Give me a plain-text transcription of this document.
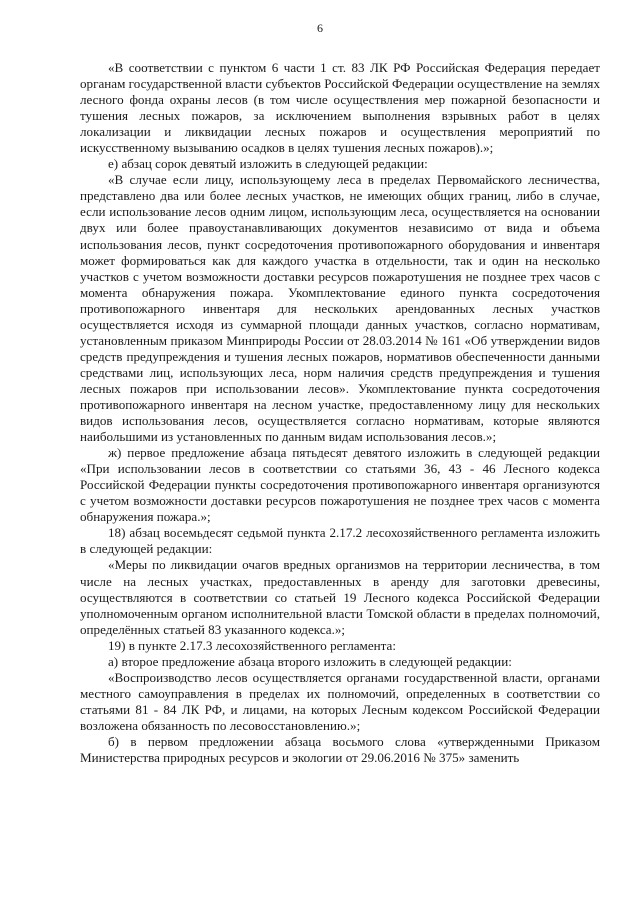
6

«В соответствии с пунктом 6 части 1 ст. 83 ЛК РФ Российская Федерация передает органам государственной власти субъектов Российской Федерации осуществление на землях лесного фонда охраны лесов (в том числе осуществления мер пожарной безопасности и тушения лесных пожаров, за исключением выполнения взрывных работ в целях локализации и ликвидации лесных пожаров и осуществления мероприятий по искусственному вызыванию осадков в целях тушения лесных пожаров).»;

е) абзац сорок девятый изложить в следующей редакции:

«В случае если лицу, использующему леса в пределах Первомайского лесничества, представлено два или более лесных участков, не имеющих общих границ, либо в случае, если использование лесов одним лицом, использующим леса, осуществляется на основании двух или более правоустанавливающих документов независимо от вида и объема использования лесов, пункт сосредоточения противопожарного оборудования и инвентаря может формироваться как для каждого участка в отдельности, так и один на несколько участков с учетом возможности доставки ресурсов пожаротушения не позднее трех часов с момента обнаружения пожара. Укомплектование единого пункта сосредоточения противопожарного инвентаря для нескольких арендованных лесных участков осуществляется исходя из суммарной площади данных участков, согласно нормативам, установленным приказом Минприроды России от 28.03.2014 № 161 «Об утверждении видов средств предупреждения и тушения лесных пожаров, нормативов обеспеченности данными средствами лиц, использующих леса, норм наличия средств предупреждения и тушения лесных пожаров при использовании лесов». Укомплектование пункта сосредоточения противопожарного инвентаря на лесном участке, предоставленному лицу для нескольких видов использования лесов, осуществляется согласно нормативам, которые являются наибольшими из установленных по данным видам использования лесов.»;

ж) первое предложение абзаца пятьдесят девятого изложить в следующей редакции «При использовании лесов в соответствии со статьями 36, 43 - 46 Лесного кодекса Российской Федерации пункты сосредоточения противопожарного инвентаря организуются с учетом возможности доставки ресурсов пожаротушения не позднее трех часов с момента обнаружения пожара.»;

18) абзац восемьдесят седьмой пункта 2.17.2 лесохозяйственного регламента изложить в следующей редакции:

«Меры по ликвидации очагов вредных организмов на территории лесничества, в том числе на лесных участках, предоставленных в аренду для заготовки древесины, осуществляются в соответствии со статьей 19 Лесного кодекса Российской Федерации уполномоченным органом исполнительной власти Томской области в пределах полномочий, определённых статьей 83 указанного кодекса.»;

19) в пункте 2.17.3 лесохозяйственного регламента:

а) второе предложение абзаца второго изложить в следующей редакции:

«Воспроизводство лесов осуществляется органами государственной власти, органами местного самоуправления в пределах их полномочий, определенных в соответствии со статьями 81 - 84 ЛК РФ, и лицами, на которых Лесным кодексом Российской Федерации возложена обязанность по лесовосстановлению.»;

б) в первом предложении абзаца восьмого слова «утвержденными Приказом Министерства природных ресурсов и экологии от 29.06.2016 № 375» заменить
